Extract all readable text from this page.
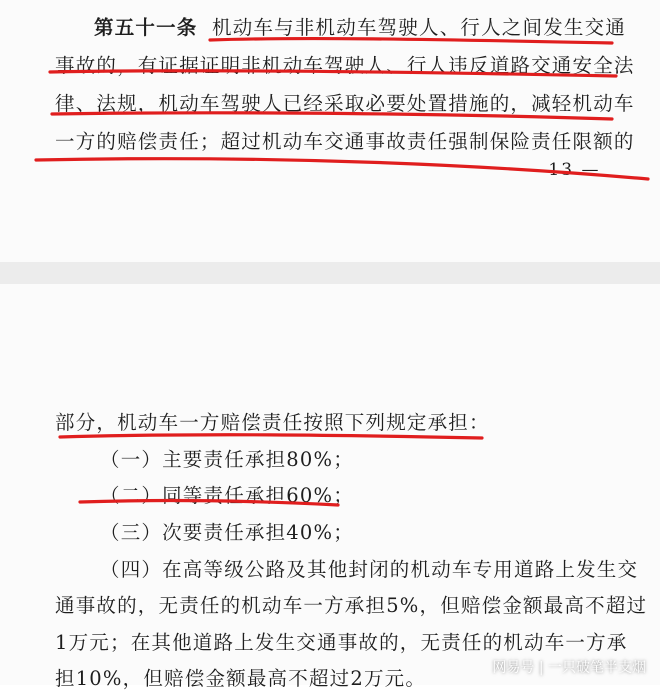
第五十一条 机动车与非机动车驾驶人、行人之间发生交通
事故的，有证据证明非机动车驾驶人、行人违反道路交通安全法
律、法规，机动车驾驶人已经采取必要处置措施的，减轻机动车
一方的赔偿责任；超过机动车交通事故责任强制保险责任限额的
— 13 —
部分，机动车一方赔偿责任按照下列规定承担：
（一）主要责任承担80%；
（二）同等责任承担60%；
（三）次要责任承担40%；
（四）在高等级公路及其他封闭的机动车专用道路上发生交
通事故的，无责任的机动车一方承担5%，但赔偿金额最高不超过
1万元；在其他道路上发生交通事故的，无责任的机动车一方承
担10%，但赔偿金额最高不超过2万元。	网易号 | 一只破笔半支烟
